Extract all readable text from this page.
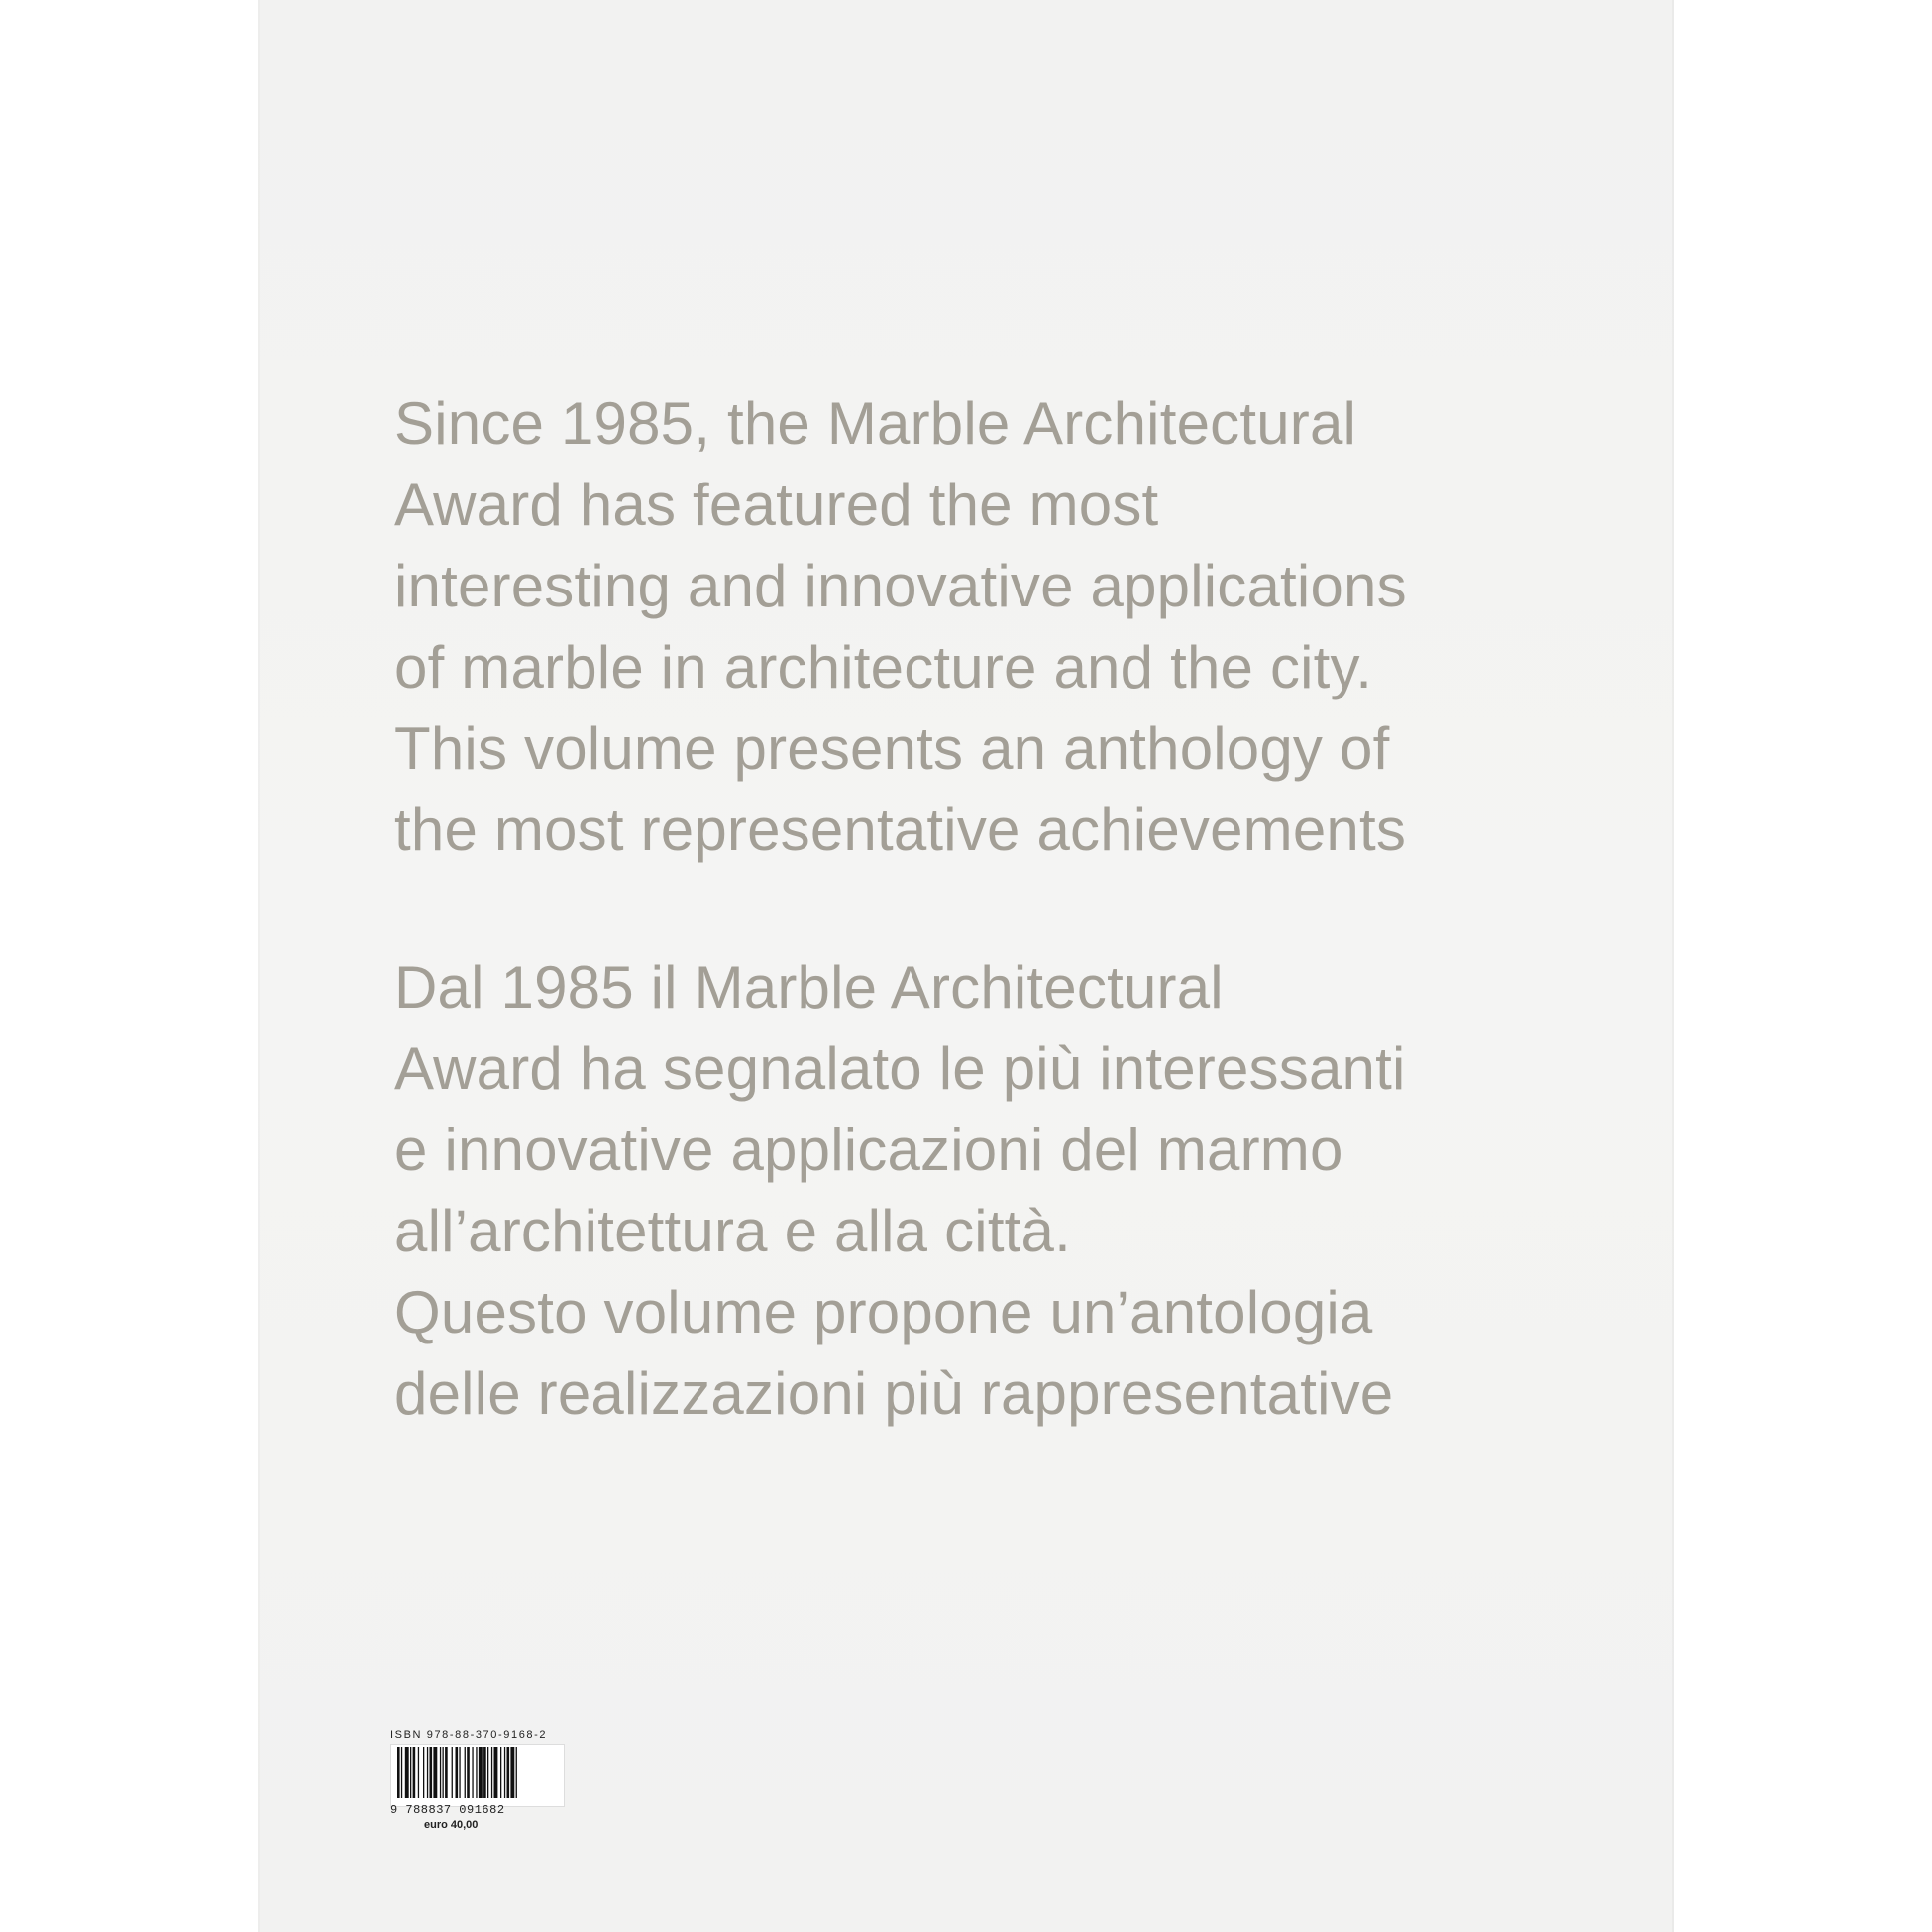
Since 1985, the Marble Architectural
Award has featured the most
interesting and innovative applications
of marble in architecture and the city.
This volume presents an anthology of
the most representative achievements
Dal 1985 il Marble Architectural
Award ha segnalato le più interessanti
e innovative applicazioni del marmo
all’architettura e alla città.
Questo volume propone un’antologia
delle realizzazioni più rappresentative
ISBN 978-88-370-9168-2
9 788837 091682
euro 40,00
